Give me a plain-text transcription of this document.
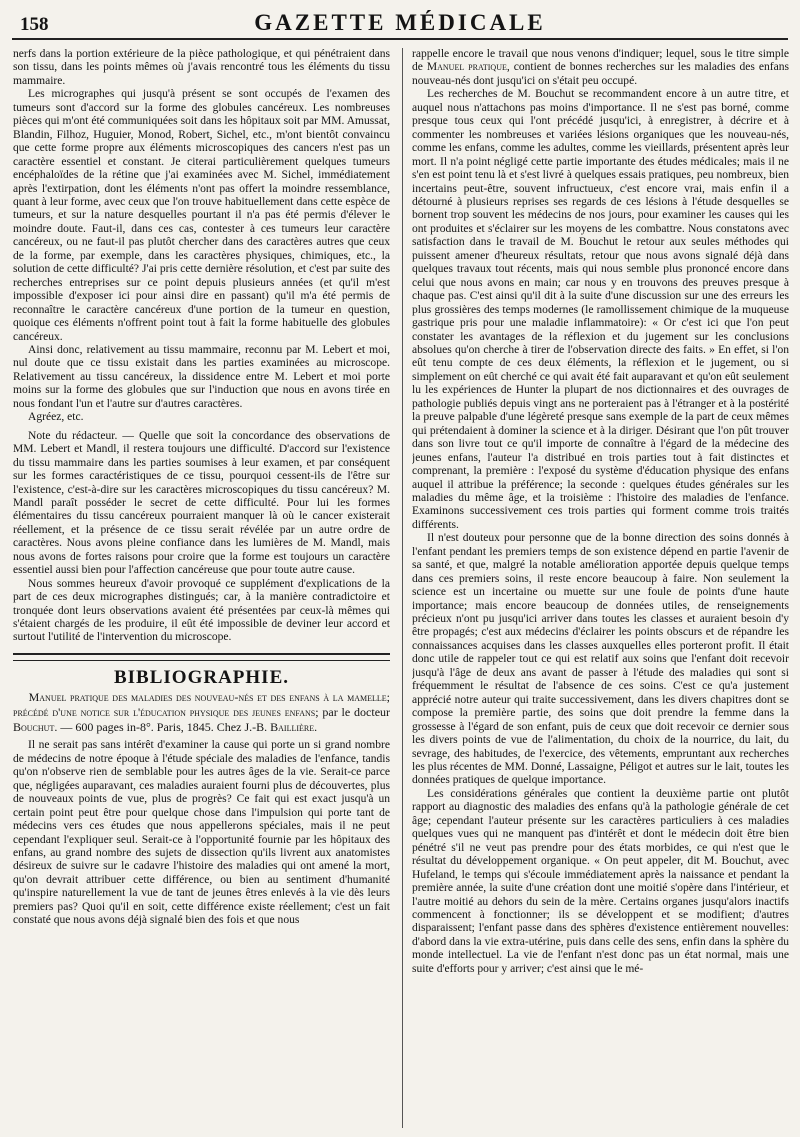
158	GAZETTE MÉDICALE

nerfs dans la portion extérieure de la pièce pathologique, et qui pénétraient dans son tissu, dans les points mêmes où j'avais rencontré tous les éléments du tissu mammaire.

Les micrographes qui jusqu'à présent se sont occupés de l'examen des tumeurs sont d'accord sur la forme des globules cancéreux. Les nombreuses pièces qui m'ont été communiquées soit dans les hôpitaux soit par MM. Amussat, Blandin, Filhoz, Huguier, Monod, Robert, Sichel, etc., m'ont bientôt convaincu que cette forme propre aux éléments microscopiques des cancers n'est pas un caractère essentiel et constant. Je citerai particulièrement quelques tumeurs encéphaloïdes de la rétine que j'ai examinées avec M. Sichel, immédiatement après l'extirpation, dont les éléments n'ont pas offert la moindre ressemblance, quant à leur forme, avec ceux que l'on trouve habituellement dans cette espèce de tumeurs, et sur la nature desquelles pourtant il n'a pas été permis d'élever le moindre doute. Faut-il, dans ces cas, contester à ces tumeurs leur caractère cancéreux, ou ne faut-il pas plutôt chercher dans des caractères autres que ceux de la forme, par exemple, dans les caractères physiques, chimiques, etc., la solution de cette difficulté? J'ai pris cette dernière résolution, et c'est par suite des recherches entreprises sur ce point depuis plusieurs années (et qu'il m'est impossible d'exposer ici pour ainsi dire en passant) qu'il m'a été permis de reconnaître le caractère cancéreux d'une portion de la tumeur en question, quoique ces éléments n'offrent point tout à fait la forme habituelle des globules cancéreux.

Ainsi donc, relativement au tissu mammaire, reconnu par M. Lebert et moi, nul doute que ce tissu existait dans les parties examinées au microscope. Relativement au tissu cancéreux, la dissidence entre M. Lebert et moi porte moins sur la forme des globules que sur l'induction que nous en avons tirée en nous fondant l'un et l'autre sur d'autres caractères.

Agréez, etc.

Note du rédacteur. — Quelle que soit la concordance des observations de MM. Lebert et Mandl, il restera toujours une difficulté. D'accord sur l'existence du tissu mammaire dans les parties soumises à leur examen, et par conséquent sur les formes caractéristiques de ce tissu, pourquoi cessent-ils de l'être sur l'existence, c'est-à-dire sur les caractères microscopiques du tissu cancéreux? M. Mandl paraît posséder le secret de cette difficulté. Pour lui les formes élémentaires du tissu cancéreux pourraient manquer là où le cancer existerait réellement, et la présence de ce tissu serait révélée par un autre ordre de caractères. Nous avons pleine confiance dans les lumières de M. Mandl, mais nous avons de fortes raisons pour croire que la forme est toujours un caractère essentiel aussi bien pour l'affection cancéreuse que pour toute autre cause.

Nous sommes heureux d'avoir provoqué ce supplément d'explications de la part de ces deux micrographes distingués; car, à la manière contradictoire et tronquée dont leurs observations avaient été présentées par ceux-là mêmes qui s'étaient chargés de les produire, il eût été impossible de deviner leur accord et surtout l'utilité de l'intervention du microscope.

BIBLIOGRAPHIE.
Manuel pratique des maladies des nouveau-nés et des enfans à la mamelle; précédé d'une notice sur l'éducation physique des jeunes enfans; par le docteur Bouchut. — 600 pages in-8°. Paris, 1845. Chez J.-B. Baillière.

Il ne serait pas sans intérêt d'examiner la cause qui porte un si grand nombre de médecins de notre époque à l'étude spéciale des maladies de l'enfance, tandis qu'on n'observe rien de semblable pour les autres âges de la vie. Serait-ce parce que, négligées auparavant, ces maladies auraient fourni plus de découvertes, plus de nouveaux points de vue, plus de progrès? Ce fait qui est exact jusqu'à un certain point peut être pour quelque chose dans l'impulsion qui porte tant de médecins vers ces études que nous appellerons spéciales, mais il ne peut cependant l'expliquer seul. Serait-ce à l'opportunité fournie par les hôpitaux des enfans, au grand nombre des sujets de dissection qu'ils livrent aux anatomistes désireux de suivre sur le cadavre l'histoire des maladies qui ont amené la mort, qu'on devrait attribuer cette différence, ou bien au sentiment d'humanité qu'inspire naturellement la vue de tant de jeunes êtres enlevés à la vie dès leurs premiers pas? Quoi qu'il en soit, cette différence existe réellement; c'est un fait constaté que nous avons déjà signalé bien des fois et que nous

rappelle encore le travail que nous venons d'indiquer; lequel, sous le titre simple de Manuel pratique, contient de bonnes recherches sur les maladies des enfans nouveau-nés dont jusqu'ici on s'était peu occupé.

Les recherches de M. Bouchut se recommandent encore à un autre titre, et auquel nous n'attachons pas moins d'importance. Il ne s'est pas borné, comme presque tous ceux qui l'ont précédé jusqu'ici, à enregistrer, à décrire et à commenter les nombreuses et variées lésions organiques que les nouveau-nés, comme les enfans, comme les adultes, comme les vieillards, présentent après leur mort. Il n'a point négligé cette partie importante des études médicales; mais il ne s'en est point tenu là et s'est livré à quelques essais pratiques, peu nombreux, bien incertains peut-être, souvent infructueux, c'est encore vrai, mais enfin il a détourné à plusieurs reprises ses regards de ces lésions à l'étude desquelles se bornent trop souvent les médecins de nos jours, pour examiner les causes qui les ont produites et s'éclairer sur les moyens de les combattre. Nous constatons avec satisfaction dans le travail de M. Bouchut le retour aux seules méthodes qui puissent amener d'heureux résultats, retour que nous avons signalé déjà dans quelques travaux tout récents, mais qui nous semble plus prononcé encore dans celui que nous avons en main; car nous y en trouvons des preuves presque à chaque pas. C'est ainsi qu'il dit à la suite d'une discussion sur une des erreurs les plus grossières des temps modernes (le ramollissement chimique de la muqueuse gastrique pris pour une maladie inflammatoire): « Or c'est ici que l'on peut constater les avantages de la réflexion et du jugement sur les conclusions absolues qu'on cherche à tirer de l'observation directe des faits. » En effet, si l'on eût tenu compte de ces deux éléments, la réflexion et le jugement, ou si simplement on eût cherché ce qui avait été fait auparavant et qu'on eût seulement lu les expériences de Hunter la plupart de nos dictionnaires et des ouvrages de pathologie publiés depuis vingt ans ne porteraient pas à l'étranger et à la postérité la preuve palpable d'une légèreté presque sans exemple de la part de ceux mêmes qui prétendaient à dominer la science et à la diriger. Désirant que l'on pût trouver dans son livre tout ce qu'il importe de connaître à l'égard de la médecine des jeunes enfans, l'auteur l'a distribué en trois parties tout à fait distinctes et comprenant, la première : l'exposé du système d'éducation physique des enfans auquel il attribue la préférence; la seconde : quelques études générales sur les maladies du même âge, et la troisième : l'histoire des maladies de l'enfance. Examinons successivement ces trois parties qui forment comme trois traités différents.

Il n'est douteux pour personne que de la bonne direction des soins donnés à l'enfant pendant les premiers temps de son existence dépend en partie l'avenir de sa santé, et que, malgré la notable amélioration apportée depuis quelque temps dans ces premiers soins, il reste encore beaucoup à faire. Non seulement la science est un incertaine ou muette sur une foule de points d'une haute importance; mais encore beaucoup de données utiles, de renseignements précieux n'ont pu jusqu'ici arriver dans toutes les classes et auraient besoin d'y être propagés; c'est aux médecins d'éclairer les points obscurs et de répandre les connaissances acquises dans les classes auxquelles elles porteront profit. Il était donc utile de rappeler tout ce qui est relatif aux soins que l'enfant doit recevoir jusqu'à l'âge de deux ans avant de passer à l'étude des maladies qui sont si fréquemment le résultat de l'absence de ces soins. C'est ce qu'a justement apprécié notre auteur qui traite successivement, dans les divers chapitres dont se compose la première partie, des soins que doit prendre la femme dans la grossesse à l'égard de son enfant, puis de ceux que doit recevoir ce dernier sous les divers points de vue de l'alimentation, du choix de la nourrice, du lait, du sevrage, des habitudes, de l'exercice, des vêtements, empruntant aux recherches les plus récentes de MM. Donné, Lassaigne, Péligot et autres sur le lait, toutes les données pratiques de quelque importance.

Les considérations générales que contient la deuxième partie ont plutôt rapport au diagnostic des maladies des enfans qu'à la pathologie générale de cet âge; cependant l'auteur présente sur les caractères particuliers à ces maladies quelques vues qui ne manquent pas d'intérêt et dont le médecin doit être bien pénétré s'il ne veut pas prendre pour des états morbides, ce qui n'est que le résultat du développement organique. « On peut appeler, dit M. Bouchut, avec Hufeland, le temps qui s'écoule immédiatement après la naissance et pendant la première année, la suite d'une création dont une moitié s'opère dans l'intérieur, et l'autre moitié au dehors du sein de la mère. Certains organes jusqu'alors inactifs commencent à fonctionner; ils se développent et se modifient; d'autres disparaissent; l'enfant passe dans des sphères d'existence entièrement nouvelles: d'abord dans la vie extra-utérine, puis dans celle des sens, enfin dans la sphère du monde intellectuel. La vie de l'enfant n'est donc pas un état normal, mais une suite d'efforts pour y arriver; c'est ainsi que le mé-
